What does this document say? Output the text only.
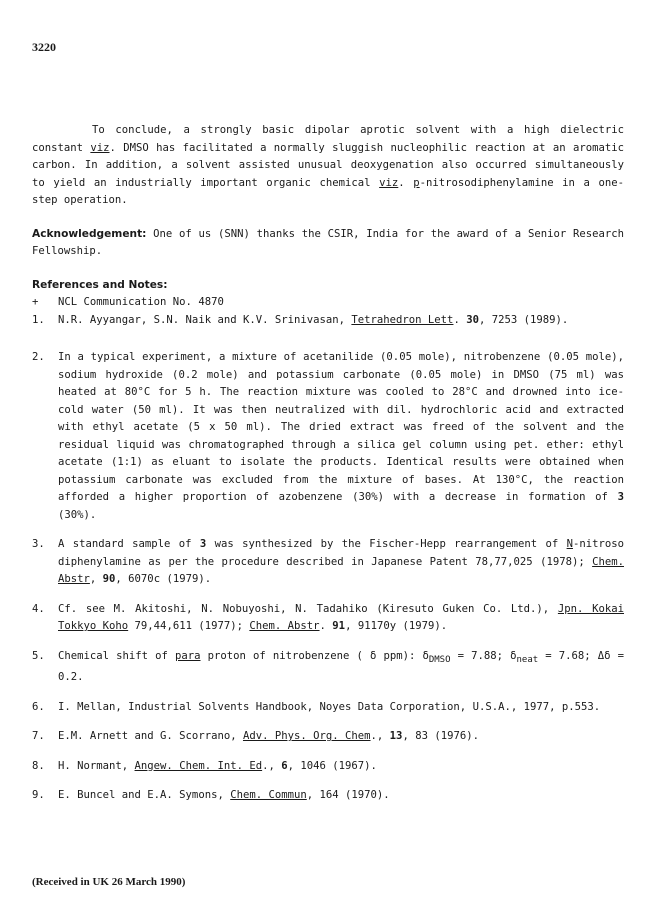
3220

To conclude, a strongly basic dipolar aprotic solvent with a high dielectric constant viz. DMSO has facilitated a normally sluggish nucleophilic reaction at an aromatic carbon. In addition, a solvent assisted unusual deoxygenation also occurred simultaneously to yield an industrially important organic chemical viz. p-nitrosodiphenylamine in a one-step operation.

Acknowledgement: One of us (SNN) thanks the CSIR, India for the award of a Senior Research Fellowship.

References and Notes:
+	NCL Communication No. 4870
1.	N.R. Ayyangar, S.N. Naik and K.V. Srinivasan, Tetrahedron Lett. 30, 7253 (1989).
2.	In a typical experiment, a mixture of acetanilide (0.05 mole), nitrobenzene (0.05 mole), sodium hydroxide (0.2 mole) and potassium carbonate (0.05 mole) in DMSO (75 ml) was heated at 80°C for 5 h. The reaction mixture was cooled to 28°C and drowned into ice-cold water (50 ml). It was then neutralized with dil. hydrochloric acid and extracted with ethyl acetate (5 x 50 ml). The dried extract was freed of the solvent and the residual liquid was chromatographed through a silica gel column using pet. ether: ethyl acetate (1:1) as eluant to isolate the products. Identical results were obtained when potassium carbonate was excluded from the mixture of bases. At 130°C, the reaction afforded a higher proportion of azobenzene (30%) with a decrease in formation of 3 (30%).
3.	A standard sample of 3 was synthesized by the Fischer-Hepp rearrangement of N-nitroso diphenylamine as per the procedure described in Japanese Patent 78,77,025 (1978); Chem. Abstr, 90, 6070c (1979).
4.	Cf. see M. Akitoshi, N. Nobuyoshi, N. Tadahiko (Kiresuto Guken Co. Ltd.), Jpn. Kokai Tokkyo Koho 79,44,611 (1977); Chem. Abstr. 91, 91170y (1979).
5.	Chemical shift of para proton of nitrobenzene ( δ ppm): $\delta_{DMSO} = 7.88$; $\delta_{neat} = 7.68$; Δδ = 0.2.
6.	I. Mellan, Industrial Solvents Handbook, Noyes Data Corporation, U.S.A., 1977, p.553.
7.	E.M. Arnett and G. Scorrano, Adv. Phys. Org. Chem., 13, 83 (1976).
8.	H. Normant, Angew. Chem. Int. Ed., 6, 1046 (1967).
9.	E. Buncel and E.A. Symons, Chem. Commun, 164 (1970).
(Received in UK 26 March 1990)
